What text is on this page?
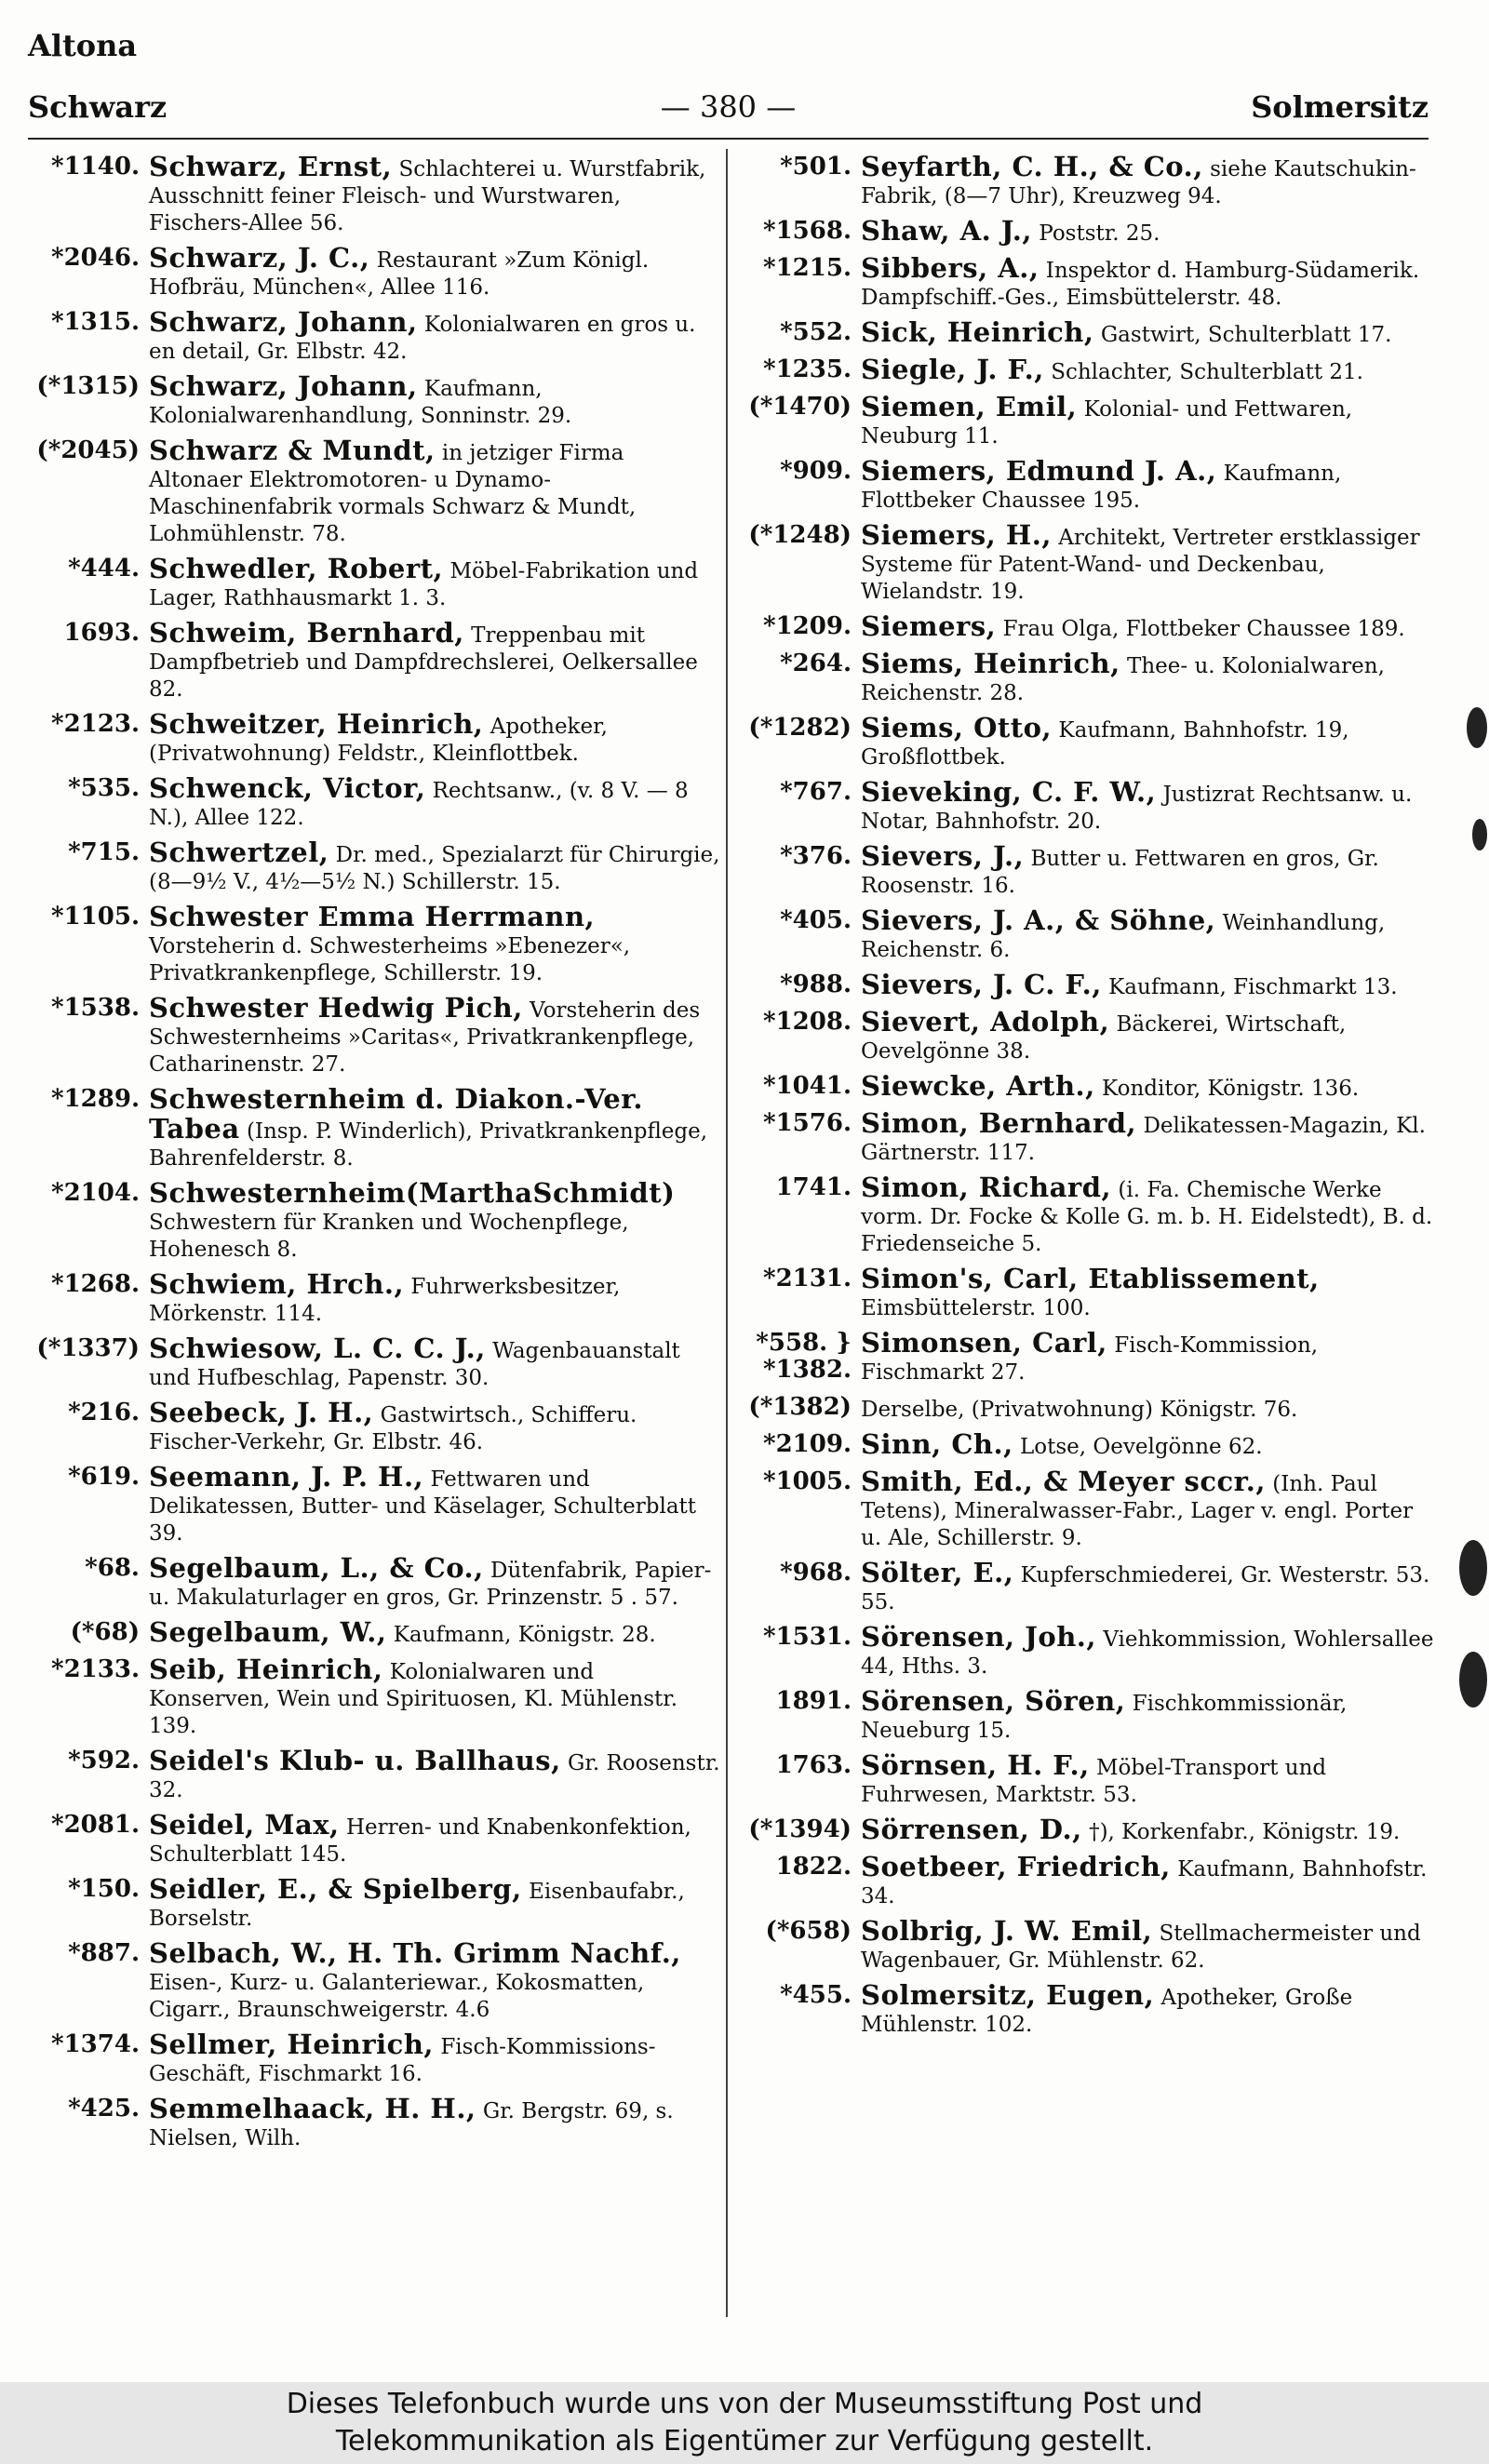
Altona
Schwarz	— 380 —	Solmersitz
*1140. Schwarz, Ernst, Schlachterei u. Wurstfabrik, Ausschnitt feiner Fleisch- und Wurstwaren, Fischers-Allee 56.
*2046. Schwarz, J. C., Restaurant »Zum Königl. Hofbräu, München«, Allee 116.
*1315. Schwarz, Johann, Kolonialwaren en gros u. en detail, Gr. Elbstr. 42.
(*1315) Schwarz, Johann, Kaufmann, Kolonialwarenhandlung, Sonninstr. 29.
(*2045) Schwarz & Mundt, in jetziger Firma Altonaer Elektromotoren- u Dynamo-Maschinenfabrik vormals Schwarz & Mundt, Lohmühlenstr. 78.
*444. Schwedler, Robert, Möbel-Fabrikation und Lager, Rathhausmarkt 1. 3.
1693. Schweim, Bernhard, Treppenbau mit Dampfbetrieb und Dampfdrechslerei, Oelkersallee 82.
*2123. Schweitzer, Heinrich, Apotheker, (Privatwohnung) Feldstr., Kleinflottbek.
*535. Schwenck, Victor, Rechtsanw., (v. 8 V. — 8 N.), Allee 122.
*715. Schwertzel, Dr. med., Spezialarzt für Chirurgie, (8—9½ V., 4½—5½ N.) Schillerstr. 15.
*1105. Schwester Emma Herrmann, Vorsteherin d. Schwesterheims »Ebenezer«, Privatkrankenpflege, Schillerstr. 19.
*1538. Schwester Hedwig Pich, Vorsteherin des Schwesternheims »Caritas«, Privatkrankenpflege, Catharinenstr. 27.
*1289. Schwesternheim d. Diakon.-Ver. Tabea (Insp. P. Winderlich), Privatkrankenpflege, Bahrenfelderstr. 8.
*2104. Schwesternheim(MarthaSchmidt) Schwestern für Kranken und Wochenpflege, Hohenesch 8.
*1268. Schwiem, Hrch., Fuhrwerksbesitzer, Mörkenstr. 114.
(*1337) Schwiesow, L. C. C. J., Wagenbauanstalt und Hufbeschlag, Papenstr. 30.
*216. Seebeck, J. H., Gastwirtsch., Schifferu. Fischer-Verkehr, Gr. Elbstr. 46.
*619. Seemann, J. P. H., Fettwaren und Delikatessen, Butter- und Käselager, Schulterblatt 39.
*68. Segelbaum, L., & Co., Dütenfabrik, Papier- u. Makulaturlager en gros, Gr. Prinzenstr. 5 . 57.
(*68) Segelbaum, W., Kaufmann, Königstr. 28.
*2133. Seib, Heinrich, Kolonialwaren und Konserven, Wein und Spirituosen, Kl. Mühlenstr. 139.
*592. Seidel's Klub- u. Ballhaus, Gr. Roosenstr. 32.
*2081. Seidel, Max, Herren- und Knabenkonfektion, Schulterblatt 145.
*150. Seidler, E., & Spielberg, Eisenbaufabr., Borselstr.
*887. Selbach, W., H. Th. Grimm Nachf., Eisen-, Kurz- u. Galanteriewar., Kokosmatten, Cigarr., Braunschweigerstr. 4.6
*1374. Sellmer, Heinrich, Fisch-Kommissions-Geschäft, Fischmarkt 16.
*425. Semmelhaack, H. H., Gr. Bergstr. 69, s. Nielsen, Wilh.
*501. Seyfarth, C. H., & Co., siehe Kautschukin-Fabrik, (8—7 Uhr), Kreuzweg 94.
*1568. Shaw, A. J., Poststr. 25.
*1215. Sibbers, A., Inspektor d. Hamburg-Südamerik. Dampfschiff.-Ges., Eimsbüttelerstr. 48.
*552. Sick, Heinrich, Gastwirt, Schulterblatt 17.
*1235. Siegle, J. F., Schlachter, Schulterblatt 21.
(*1470) Siemen, Emil, Kolonial- und Fettwaren, Neuburg 11.
*909. Siemers, Edmund J. A., Kaufmann, Flottbeker Chaussee 195.
(*1248) Siemers, H., Architekt, Vertreter erstklassiger Systeme für Patent-Wand- und Deckenbau, Wielandstr. 19.
*1209. Siemers, Frau Olga, Flottbeker Chaussee 189.
*264. Siems, Heinrich, Thee- u. Kolonialwaren, Reichenstr. 28.
(*1282) Siems, Otto, Kaufmann, Bahnhofstr. 19, Großflottbek.
*767. Sieveking, C. F. W., Justizrat Rechtsanw. u. Notar, Bahnhofstr. 20.
*376. Sievers, J., Butter u. Fettwaren en gros, Gr. Roosenstr. 16.
*405. Sievers, J. A., & Söhne, Weinhandlung, Reichenstr. 6.
*988. Sievers, J. C. F., Kaufmann, Fischmarkt 13.
*1208. Sievert, Adolph, Bäckerei, Wirtschaft, Oevelgönne 38.
*1041. Siewcke, Arth., Konditor, Königstr. 136.
*1576. Simon, Bernhard, Delikatessen-Magazin, Kl. Gärtnerstr. 117.
1741. Simon, Richard, (i. Fa. Chemische Werke vorm. Dr. Focke & Kolle G. m. b. H. Eidelstedt), B. d. Friedenseiche 5.
*2131. Simon's, Carl, Etablissement, Eimsbüttelerstr. 100.
*558. } *1382.
Simonsen, Carl, Fisch-Kommission, Fischmarkt 27.
(*1382) Derselbe, (Privatwohnung) Königstr. 76.
*2109. Sinn, Ch., Lotse, Oevelgönne 62.
*1005. Smith, Ed., & Meyer sccr., (Inh. Paul Tetens), Mineralwasser-Fabr., Lager v. engl. Porter u. Ale, Schillerstr. 9.
*968. Sölter, E., Kupferschmiederei, Gr. Westerstr. 53. 55.
*1531. Sörensen, Joh., Viehkommission, Wohlersallee 44, Hths. 3.
1891. Sörensen, Sören, Fischkommissionär, Neueburg 15.
1763. Sörnsen, H. F., Möbel-Transport und Fuhrwesen, Marktstr. 53.
(*1394) Sörrensen, D., †), Korkenfabr., Königstr. 19.
1822. Soetbeer, Friedrich, Kaufmann, Bahnhofstr. 34.
(*658) Solbrig, J. W. Emil, Stellmachermeister und Wagenbauer, Gr. Mühlenstr. 62.
*455. Solmersitz, Eugen, Apotheker, Große Mühlenstr. 102.
Dieses Telefonbuch wurde uns von der Museumsstiftung Post und
Telekommunikation als Eigentümer zur Verfügung gestellt.
